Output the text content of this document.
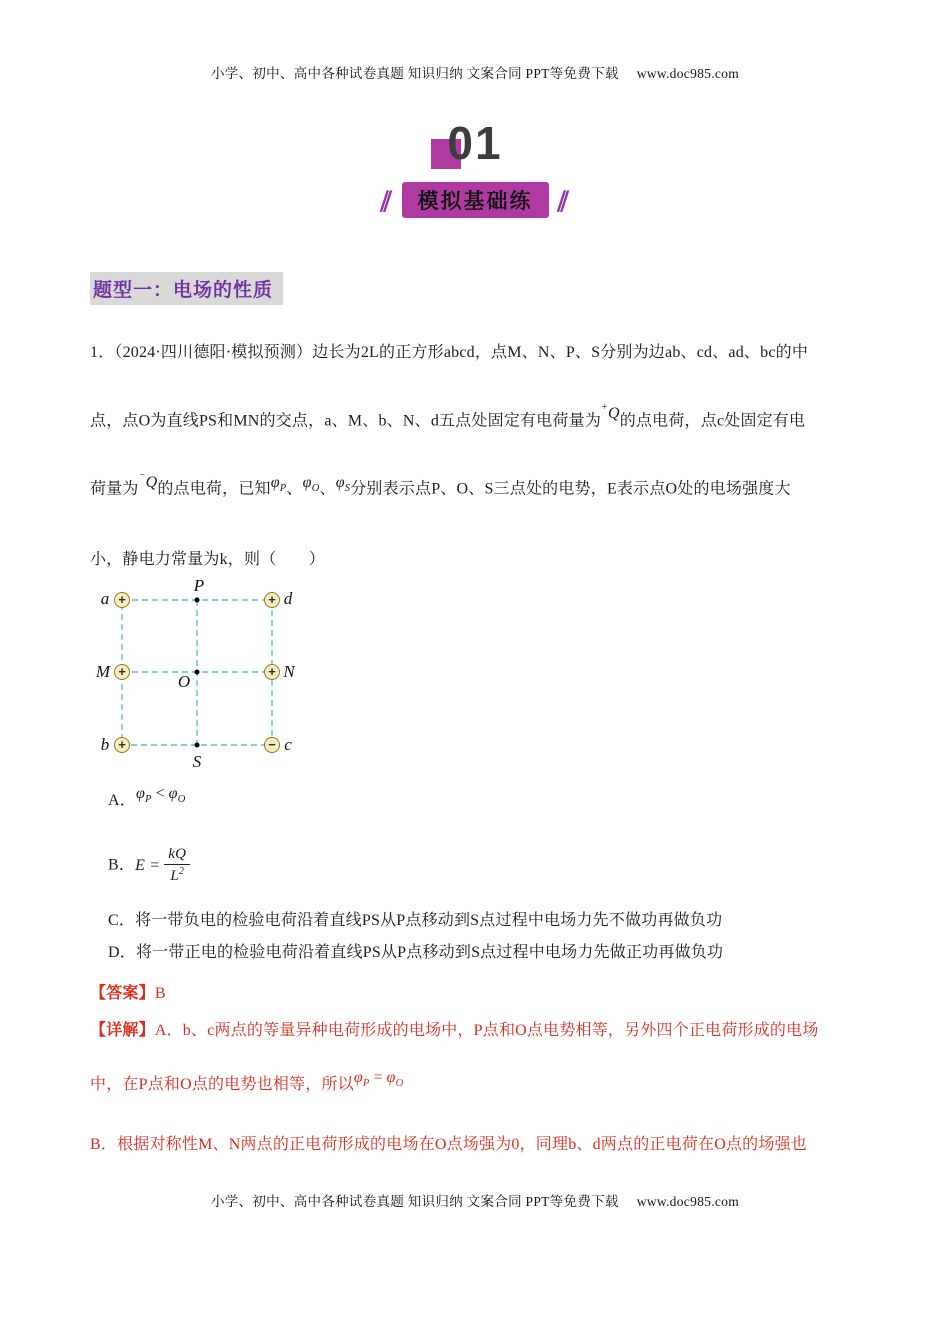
小学、初中、高中各种试卷真题 知识归纳 文案合同 PPT等免费下载 www.doc985.com
01
∥ 模拟基础练 ∥
题型一：电场的性质

1．（2024·四川德阳·模拟预测）边长为2L的正方形abcd，点M、N、P、S分别为边ab、cd、ad、bc的中

点，点O为直线PS和MN的交点，a、M、b、N、d五点处固定有电荷量为+Q的点电荷，点c处固定有电

荷量为−Q的点电荷，已知$\varphi_P$、$\varphi_O$、$\varphi_S$分别表示点P、O、S三点处的电势，E表示点O处的电场强度大

小，静电力常量为k，则（　　）

+	+
+	+
+	−
a
P
d
M
O
N
b
S
c

A．$\varphi_P < \varphi_O$

B．$E = \frac{kQ}{L^2}$

C．将一带负电的检验电荷沿着直线PS从P点移动到S点过程中电场力先不做功再做负功

D．将一带正电的检验电荷沿着直线PS从P点移动到S点过程中电场力先做正功再做负功

【答案】B

【详解】A．b、c两点的等量异种电荷形成的电场中，P点和O点电势相等，另外四个正电荷形成的电场

中，在P点和O点的电势也相等，所以$\varphi_P = \varphi_O$

B．根据对称性M、N两点的正电荷形成的电场在O点场强为0，同理b、d两点的正电荷在O点的场强也

小学、初中、高中各种试卷真题 知识归纳 文案合同 PPT等免费下载 www.doc985.com
